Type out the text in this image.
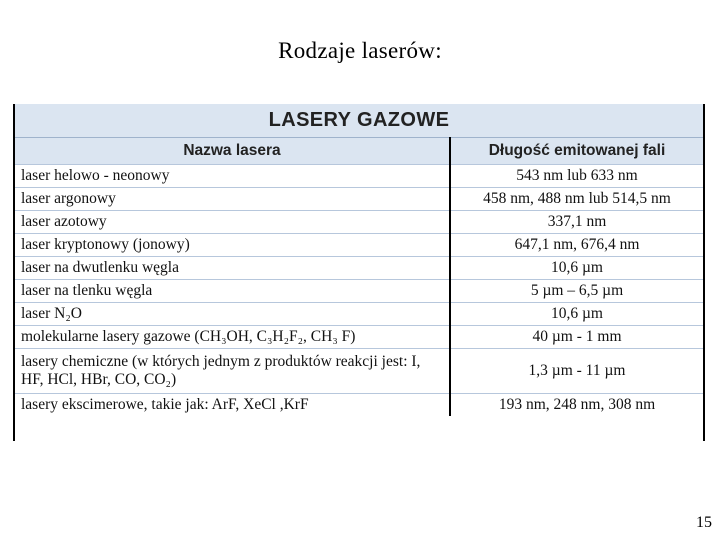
Rodzaje laserów:
LASERY GAZOWE	
Nazwa lasera	Długość emitowanej fali
laser helowo - neonowy	543 nm lub 633 nm
laser argonowy	458 nm, 488 nm lub 514,5 nm
laser azotowy	337,1 nm
laser kryptonowy (jonowy)	647,1 nm, 676,4 nm
laser na dwutlenku węgla	10,6 µm
laser na tlenku węgla	5 µm – 6,5 µm
laser N₂O	10,6 µm
molekularne lasery gazowe (CH₃OH, C₃H₂F₂, CH₃ F)	40 µm - 1 mm
lasery chemiczne (w których jednym z produktów reakcji jest: I, HF, HCl, HBr, CO, CO₂)	1,3 µm - 11 µm
lasery ekscimerowe, takie jak: ArF, XeCl ,KrF	193 nm, 248 nm, 308 nm
15
